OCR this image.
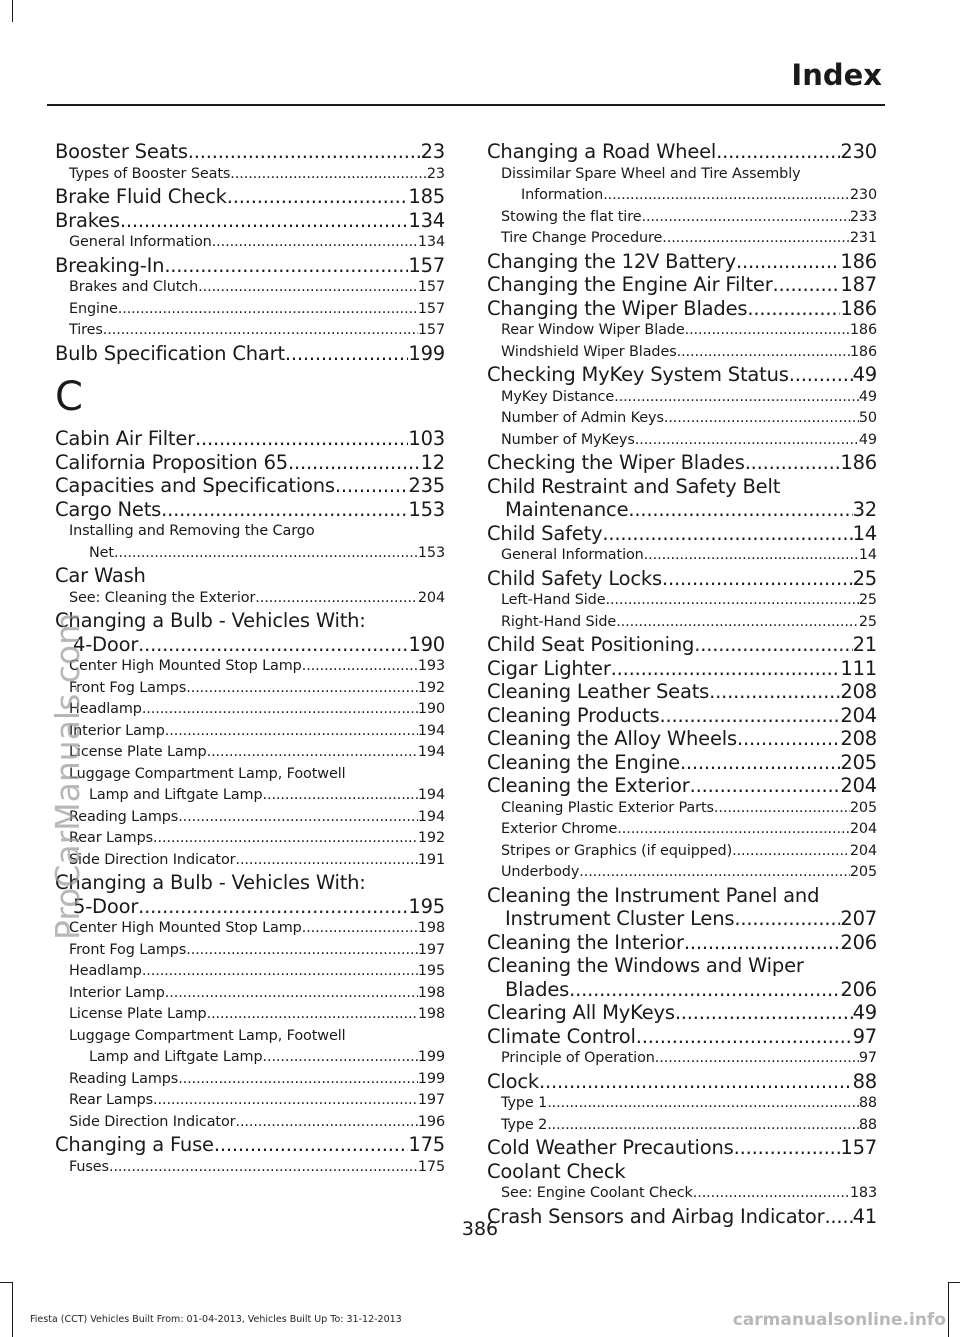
Index
Booster Seats .....	23
Types of Booster Seats .....	23
Brake Fluid Check .....	185
Brakes .....	134
General Information .....	134
Breaking-In .....	157
Brakes and Clutch .....	157
Engine .....	157
Tires .....	157
Bulb Specification Chart .....	199
C
Cabin Air Filter .....	103
California Proposition 65 .....	12
Capacities and Specifications .....	235
Cargo Nets .....	153
Installing and Removing the Cargo
Net .....	153
Car Wash
See: Cleaning the Exterior .....	204
Changing a Bulb - Vehicles With:
4-Door .....	190
Center High Mounted Stop Lamp .....	193
Front Fog Lamps .....	192
Headlamp .....	190
Interior Lamp .....	194
License Plate Lamp .....	194
Luggage Compartment Lamp, Footwell
Lamp and Liftgate Lamp .....	194
Reading Lamps .....	194
Rear Lamps .....	192
Side Direction Indicator .....	191
Changing a Bulb - Vehicles With:
5-Door .....	195
Center High Mounted Stop Lamp .....	198
Front Fog Lamps .....	197
Headlamp .....	195
Interior Lamp .....	198
License Plate Lamp .....	198
Luggage Compartment Lamp, Footwell
Lamp and Liftgate Lamp .....	199
Reading Lamps .....	199
Rear Lamps .....	197
Side Direction Indicator .....	196
Changing a Fuse .....	175
Fuses .....	175
Changing a Road Wheel .....	230
Dissimilar Spare Wheel and Tire Assembly
Information .....	230
Stowing the flat tire .....	233
Tire Change Procedure .....	231
Changing the 12V Battery .....	186
Changing the Engine Air Filter .....	187
Changing the Wiper Blades .....	186
Rear Window Wiper Blade .....	186
Windshield Wiper Blades .....	186
Checking MyKey System Status .....	49
MyKey Distance .....	49
Number of Admin Keys .....	50
Number of MyKeys .....	49
Checking the Wiper Blades .....	186
Child Restraint and Safety Belt
Maintenance .....	32
Child Safety .....	14
General Information .....	14
Child Safety Locks .....	25
Left-Hand Side .....	25
Right-Hand Side .....	25
Child Seat Positioning .....	21
Cigar Lighter .....	111
Cleaning Leather Seats .....	208
Cleaning Products .....	204
Cleaning the Alloy Wheels .....	208
Cleaning the Engine .....	205
Cleaning the Exterior .....	204
Cleaning Plastic Exterior Parts .....	205
Exterior Chrome .....	204
Stripes or Graphics (if equipped) .....	204
Underbody .....	205
Cleaning the Instrument Panel and
Instrument Cluster Lens .....	207
Cleaning the Interior .....	206
Cleaning the Windows and Wiper
Blades .....	206
Clearing All MyKeys .....	49
Climate Control .....	97
Principle of Operation .....	97
Clock .....	88
Type 1 .....	88
Type 2 .....	88
Cold Weather Precautions .....	157
Coolant Check
See: Engine Coolant Check .....	183
Crash Sensors and Airbag Indicator ..... 41
386
Fiesta (CCT) Vehicles Built From: 01-04-2013, Vehicles Built Up To: 31-12-2013
ProCarManuals.com
carmanualsonline.info
